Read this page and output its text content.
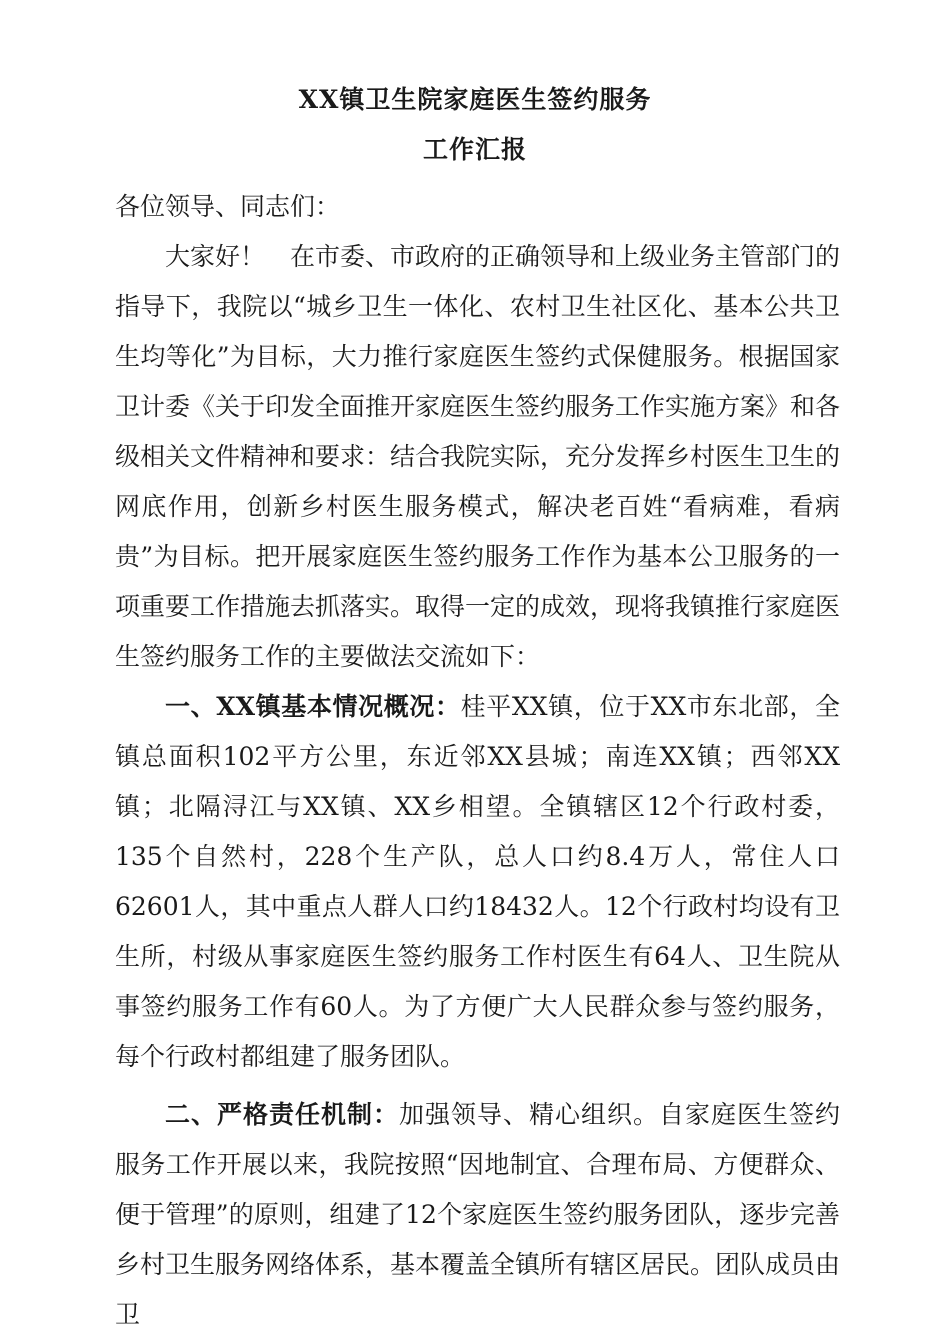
XX镇卫生院家庭医生签约服务
工作汇报

各位领导、同志们：

大家好！　在市委、市政府的正确领导和上级业务主管部门的指导下，我院以“城乡卫生一体化、农村卫生社区化、基本公共卫生均等化”为目标，大力推行家庭医生签约式保健服务。根据国家卫计委《关于印发全面推开家庭医生签约服务工作实施方案》和各级相关文件精神和要求：结合我院实际，充分发挥乡村医生卫生的网底作用，创新乡村医生服务模式，解决老百姓“看病难，看病贵”为目标。把开展家庭医生签约服务工作作为基本公卫服务的一项重要工作措施去抓落实。取得一定的成效，现将我镇推行家庭医生签约服务工作的主要做法交流如下：

一、XX镇基本情况概况：桂平XX镇，位于XX市东北部，全镇总面积102平方公里，东近邻XX县城；南连XX镇；西邻XX镇；北隔浔江与XX镇、XX乡相望。全镇辖区12个行政村委，135个自然村，228个生产队，总人口约8.4万人，常住人口62601人，其中重点人群人口约18432人。12个行政村均设有卫生所，村级从事家庭医生签约服务工作村医生有64人、卫生院从事签约服务工作有60人。为了方便广大人民群众参与签约服务，每个行政村都组建了服务团队。

二、严格责任机制：加强领导、精心组织。自家庭医生签约服务工作开展以来，我院按照“因地制宜、合理布局、方便群众、便于管理”的原则，组建了12个家庭医生签约服务团队，逐步完善乡村卫生服务网络体系，基本覆盖全镇所有辖区居民。团队成员由卫
